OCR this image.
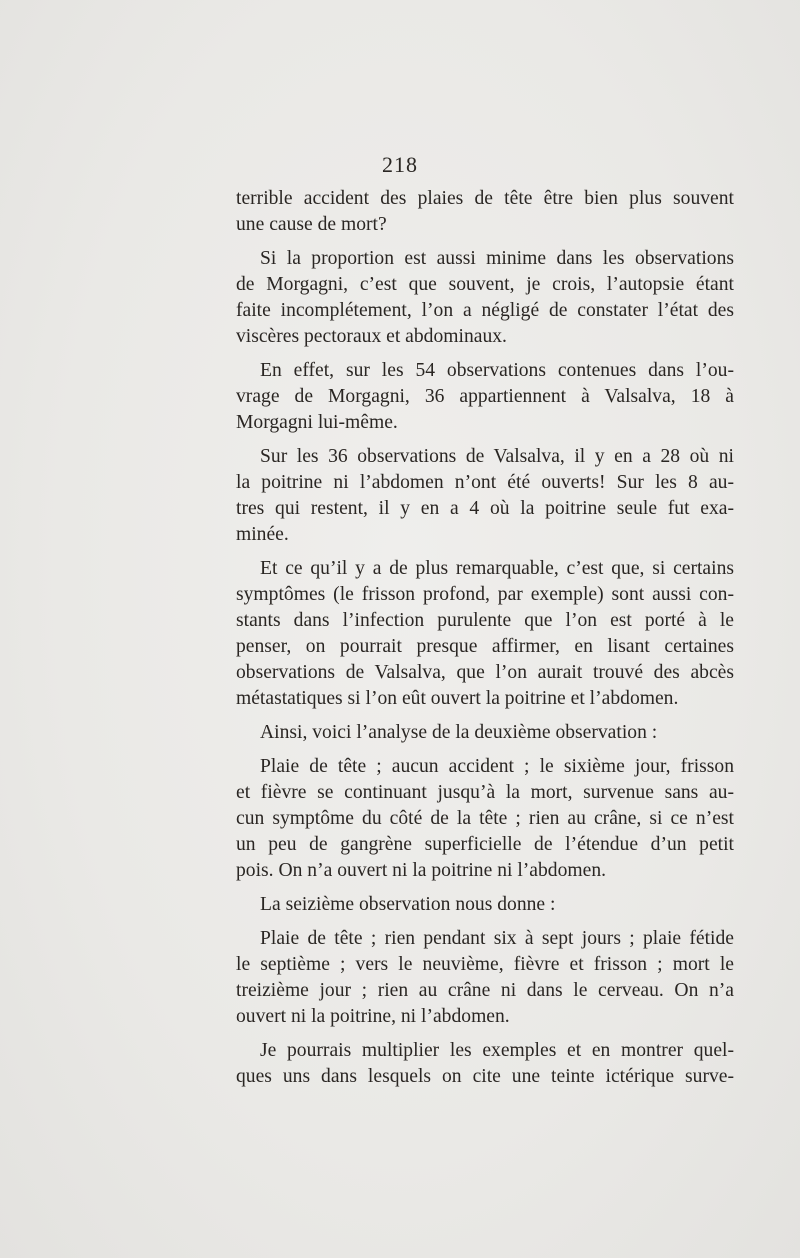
218
terrible accident des plaies de tête être bien plus souvent
une cause de mort?
Si la proportion est aussi minime dans les observations
de Morgagni, c’est que souvent, je crois, l’autopsie étant
faite incomplétement, l’on a négligé de constater l’état des
viscères pectoraux et abdominaux.
En effet, sur les 54 observations contenues dans l’ou-
vrage de Morgagni, 36 appartiennent à Valsalva, 18 à
Morgagni lui-même.
Sur les 36 observations de Valsalva, il y en a 28 où ni
la poitrine ni l’abdomen n’ont été ouverts! Sur les 8 au-
tres qui restent, il y en a 4 où la poitrine seule fut exa-
minée.
Et ce qu’il y a de plus remarquable, c’est que, si certains
symptômes (le frisson profond, par exemple) sont aussi con-
stants dans l’infection purulente que l’on est porté à le
penser, on pourrait presque affirmer, en lisant certaines
observations de Valsalva, que l’on aurait trouvé des abcès
métastatiques si l’on eût ouvert la poitrine et l’abdomen.
Ainsi, voici l’analyse de la deuxième observation :
Plaie de tête ; aucun accident ; le sixième jour, frisson
et fièvre se continuant jusqu’à la mort, survenue sans au-
cun symptôme du côté de la tête ; rien au crâne, si ce n’est
un peu de gangrène superficielle de l’étendue d’un petit
pois. On n’a ouvert ni la poitrine ni l’abdomen.
La seizième observation nous donne :
Plaie de tête ; rien pendant six à sept jours ; plaie fétide
le septième ; vers le neuvième, fièvre et frisson ; mort le
treizième jour ; rien au crâne ni dans le cerveau. On n’a
ouvert ni la poitrine, ni l’abdomen.
Je pourrais multiplier les exemples et en montrer quel-
ques uns dans lesquels on cite une teinte ictérique surve-
